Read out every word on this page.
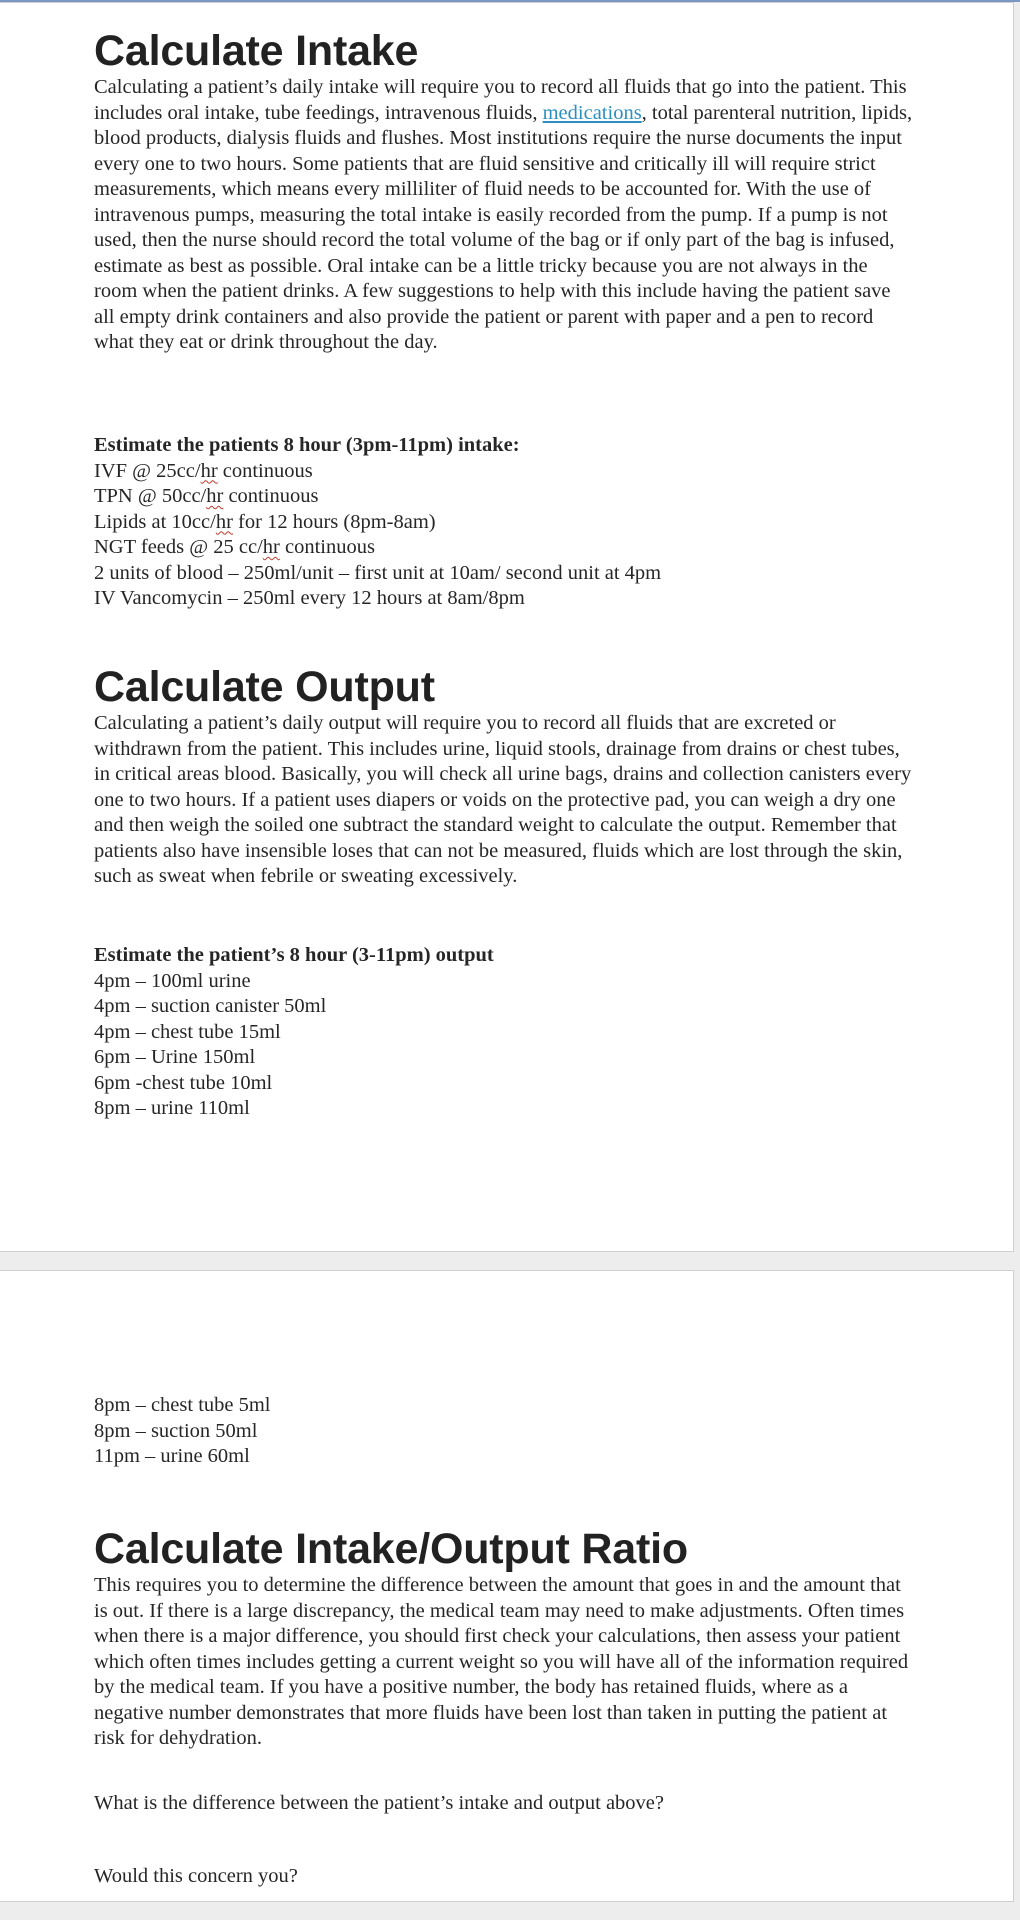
Calculate Intake

Calculating a patient’s daily intake will require you to record all fluids that go into the patient. This includes oral intake, tube feedings, intravenous fluids, medications, total parenteral nutrition, lipids, blood products, dialysis fluids and flushes. Most institutions require the nurse documents the input every one to two hours. Some patients that are fluid sensitive and critically ill will require strict measurements, which means every milliliter of fluid needs to be accounted for. With the use of intravenous pumps, measuring the total intake is easily recorded from the pump. If a pump is not used, then the nurse should record the total volume of the bag or if only part of the bag is infused, estimate as best as possible. Oral intake can be a little tricky because you are not always in the room when the patient drinks. A few suggestions to help with this include having the patient save all empty drink containers and also provide the patient or parent with paper and a pen to record what they eat or drink throughout the day.

Estimate the patients 8 hour (3pm-11pm) intake:
IVF @ 25cc/hr continuous
TPN @ 50cc/hr continuous
Lipids at 10cc/hr for 12 hours (8pm-8am)
NGT feeds @ 25 cc/hr continuous
2 units of blood – 250ml/unit – first unit at 10am/ second unit at 4pm
IV Vancomycin – 250ml every 12 hours at 8am/8pm
Calculate Output

Calculating a patient’s daily output will require you to record all fluids that are excreted or withdrawn from the patient. This includes urine, liquid stools, drainage from drains or chest tubes, in critical areas blood. Basically, you will check all urine bags, drains and collection canisters every one to two hours. If a patient uses diapers or voids on the protective pad, you can weigh a dry one and then weigh the soiled one subtract the standard weight to calculate the output. Remember that patients also have insensible loses that can not be measured, fluids which are lost through the skin, such as sweat when febrile or sweating excessively.

Estimate the patient’s 8 hour (3-11pm) output
4pm – 100ml urine
4pm – suction canister 50ml
4pm – chest tube 15ml
6pm – Urine 150ml
6pm -chest tube 10ml
8pm – urine 110ml
8pm – chest tube 5ml
8pm – suction 50ml
11pm – urine 60ml
Calculate Intake/Output Ratio

This requires you to determine the difference between the amount that goes in and the amount that is out. If there is a large discrepancy, the medical team may need to make adjustments. Often times when there is a major difference, you should first check your calculations, then assess your patient which often times includes getting a current weight so you will have all of the information required by the medical team. If you have a positive number, the body has retained fluids, where as a negative number demonstrates that more fluids have been lost than taken in putting the patient at risk for dehydration.

What is the difference between the patient’s intake and output above?

Would this concern you?
